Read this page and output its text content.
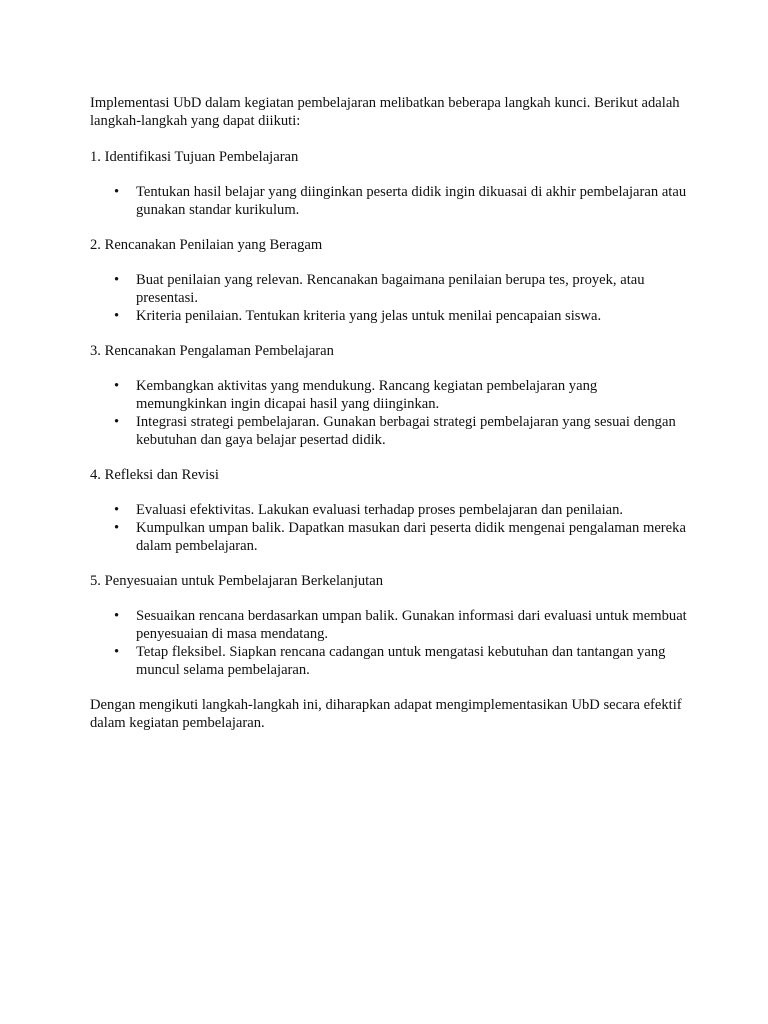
Implementasi UbD dalam kegiatan pembelajaran melibatkan beberapa langkah kunci. Berikut adalah langkah-langkah yang dapat diikuti:

1. Identifikasi Tujuan Pembelajaran

• Tentukan hasil belajar yang diinginkan peserta didik ingin dikuasai di akhir pembelajaran atau gunakan standar kurikulum.

2. Rencanakan Penilaian yang Beragam

• Buat penilaian yang relevan. Rencanakan bagaimana penilaian berupa tes, proyek, atau presentasi.
• Kriteria penilaian. Tentukan kriteria yang jelas untuk menilai pencapaian siswa.

3. Rencanakan Pengalaman Pembelajaran

• Kembangkan aktivitas yang mendukung. Rancang kegiatan pembelajaran yang memungkinkan ingin dicapai hasil yang diinginkan.
• Integrasi strategi pembelajaran. Gunakan berbagai strategi pembelajaran yang sesuai dengan kebutuhan dan gaya belajar pesertad didik.

4. Refleksi dan Revisi

• Evaluasi efektivitas. Lakukan evaluasi terhadap proses pembelajaran dan penilaian.
• Kumpulkan umpan balik. Dapatkan masukan dari peserta didik mengenai pengalaman mereka dalam pembelajaran.

5. Penyesuaian untuk Pembelajaran Berkelanjutan

• Sesuaikan rencana berdasarkan umpan balik. Gunakan informasi dari evaluasi untuk membuat penyesuaian di masa mendatang.
• Tetap fleksibel. Siapkan rencana cadangan untuk mengatasi kebutuhan dan tantangan yang muncul selama pembelajaran.

Dengan mengikuti langkah-langkah ini, diharapkan adapat mengimplementasikan UbD secara efektif dalam kegiatan pembelajaran.
